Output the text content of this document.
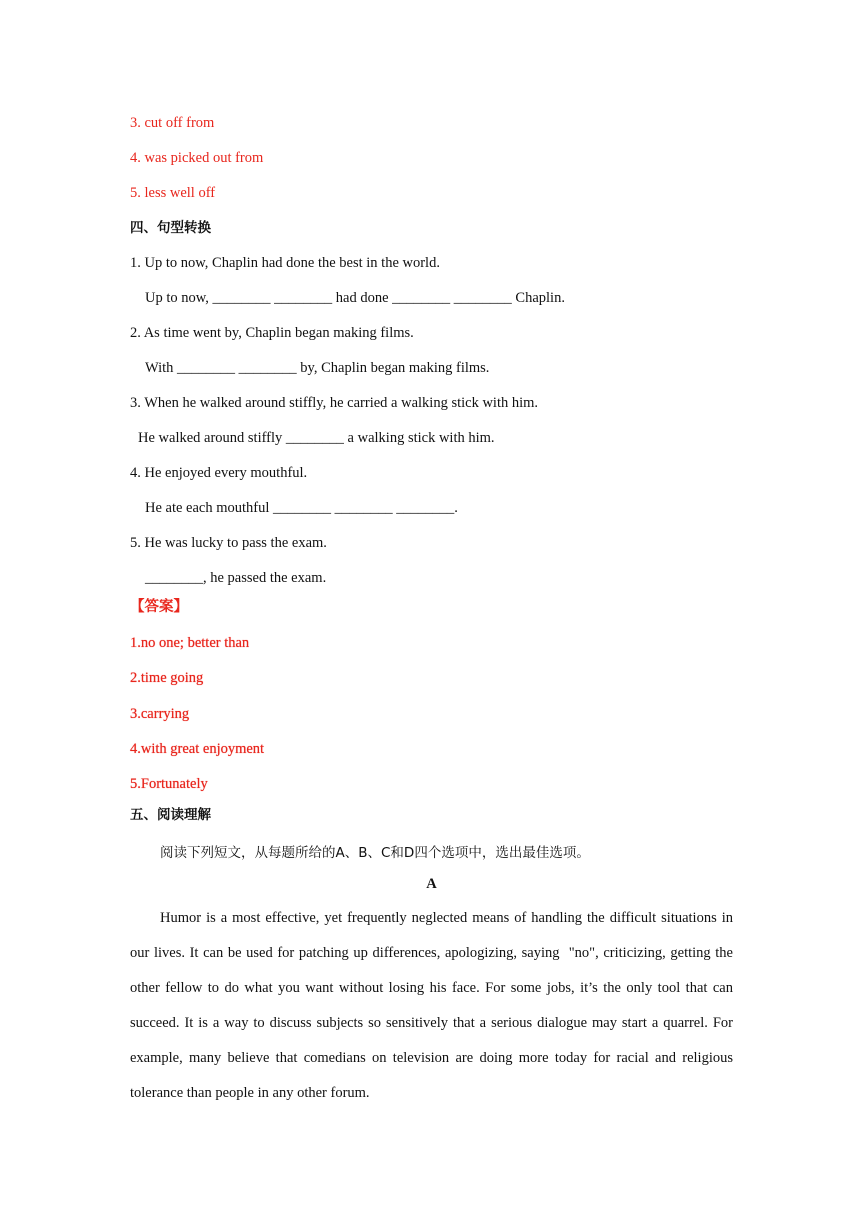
3. cut off from
4. was picked out from
5. less well off
四、句型转换
1. Up to now, Chaplin had done the best in the world.
Up to now, ________ ________ had done ________ ________ Chaplin.
2. As time went by, Chaplin began making films.
With ________ ________ by, Chaplin began making films.
3. When he walked around stiffly, he carried a walking stick with him.
He walked around stiffly ________ a walking stick with him.
4. He enjoyed every mouthful.
He ate each mouthful ________ ________ ________.
5. He was lucky to pass the exam.
________, he passed the exam.
【答案】
1.no one; better than
2.time going
3.carrying
4.with great enjoyment
5.Fortunately
五、阅读理解
阅读下列短文，从每题所给的A、B、C和D四个选项中，选出最佳选项。
A
Humor is a most effective, yet frequently neglected means of handling the difficult situations in our lives. It can be used for patching up differences, apologizing, saying  "no", criticizing, getting the other fellow to do what you want without losing his face. For some jobs, it’s the only tool that can succeed. It is a way to discuss subjects so sensitively that a serious dialogue may start a quarrel. For example, many believe that comedians on television are doing more today for racial and religious tolerance than people in any other forum.
